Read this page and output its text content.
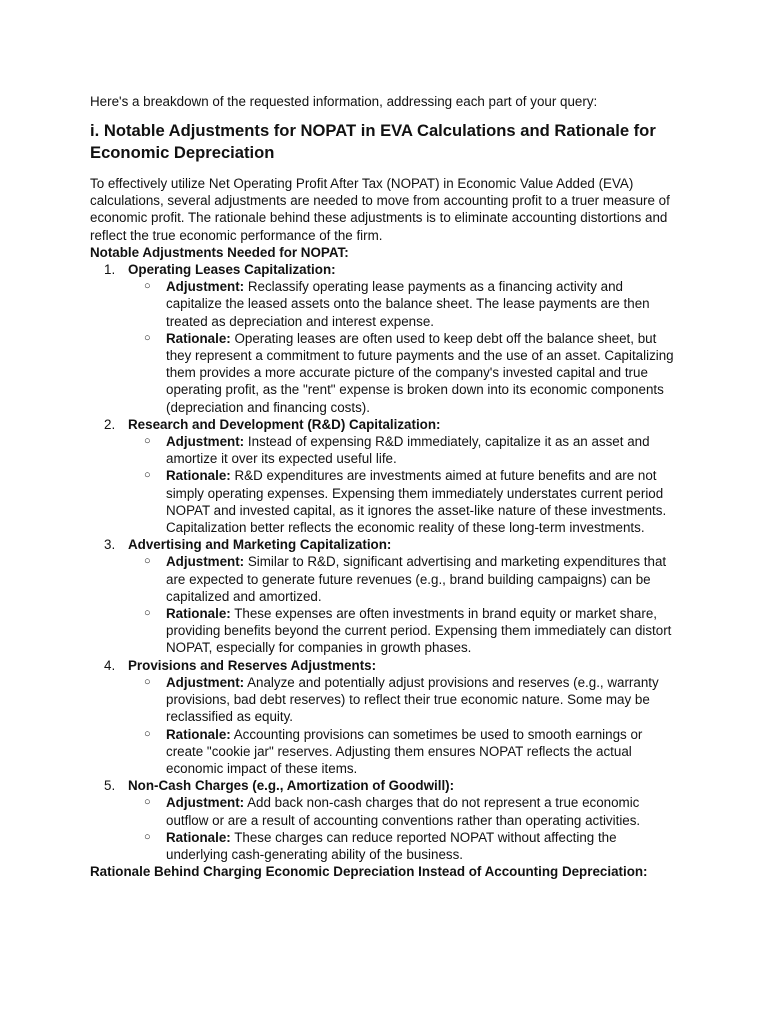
Here's a breakdown of the requested information, addressing each part of your query:

i. Notable Adjustments for NOPAT in EVA Calculations and Rationale for Economic Depreciation

To effectively utilize Net Operating Profit After Tax (NOPAT) in Economic Value Added (EVA) calculations, several adjustments are needed to move from accounting profit to a truer measure of economic profit. The rationale behind these adjustments is to eliminate accounting distortions and reflect the true economic performance of the firm.

Notable Adjustments Needed for NOPAT:
1. Operating Leases Capitalization:
○ Adjustment: Reclassify operating lease payments as a financing activity and capitalize the leased assets onto the balance sheet. The lease payments are then treated as depreciation and interest expense.
○ Rationale: Operating leases are often used to keep debt off the balance sheet, but they represent a commitment to future payments and the use of an asset. Capitalizing them provides a more accurate picture of the company's invested capital and true operating profit, as the "rent" expense is broken down into its economic components (depreciation and financing costs).
2. Research and Development (R&D) Capitalization:
○ Adjustment: Instead of expensing R&D immediately, capitalize it as an asset and amortize it over its expected useful life.
○ Rationale: R&D expenditures are investments aimed at future benefits and are not simply operating expenses. Expensing them immediately understates current period NOPAT and invested capital, as it ignores the asset-like nature of these investments. Capitalization better reflects the economic reality of these long-term investments.
3. Advertising and Marketing Capitalization:
○ Adjustment: Similar to R&D, significant advertising and marketing expenditures that are expected to generate future revenues (e.g., brand building campaigns) can be capitalized and amortized.
○ Rationale: These expenses are often investments in brand equity or market share, providing benefits beyond the current period. Expensing them immediately can distort NOPAT, especially for companies in growth phases.
4. Provisions and Reserves Adjustments:
○ Adjustment: Analyze and potentially adjust provisions and reserves (e.g., warranty provisions, bad debt reserves) to reflect their true economic nature. Some may be reclassified as equity.
○ Rationale: Accounting provisions can sometimes be used to smooth earnings or create "cookie jar" reserves. Adjusting them ensures NOPAT reflects the actual economic impact of these items.
5. Non-Cash Charges (e.g., Amortization of Goodwill):
○ Adjustment: Add back non-cash charges that do not represent a true economic outflow or are a result of accounting conventions rather than operating activities.
○ Rationale: These charges can reduce reported NOPAT without affecting the underlying cash-generating ability of the business.
Rationale Behind Charging Economic Depreciation Instead of Accounting Depreciation:
